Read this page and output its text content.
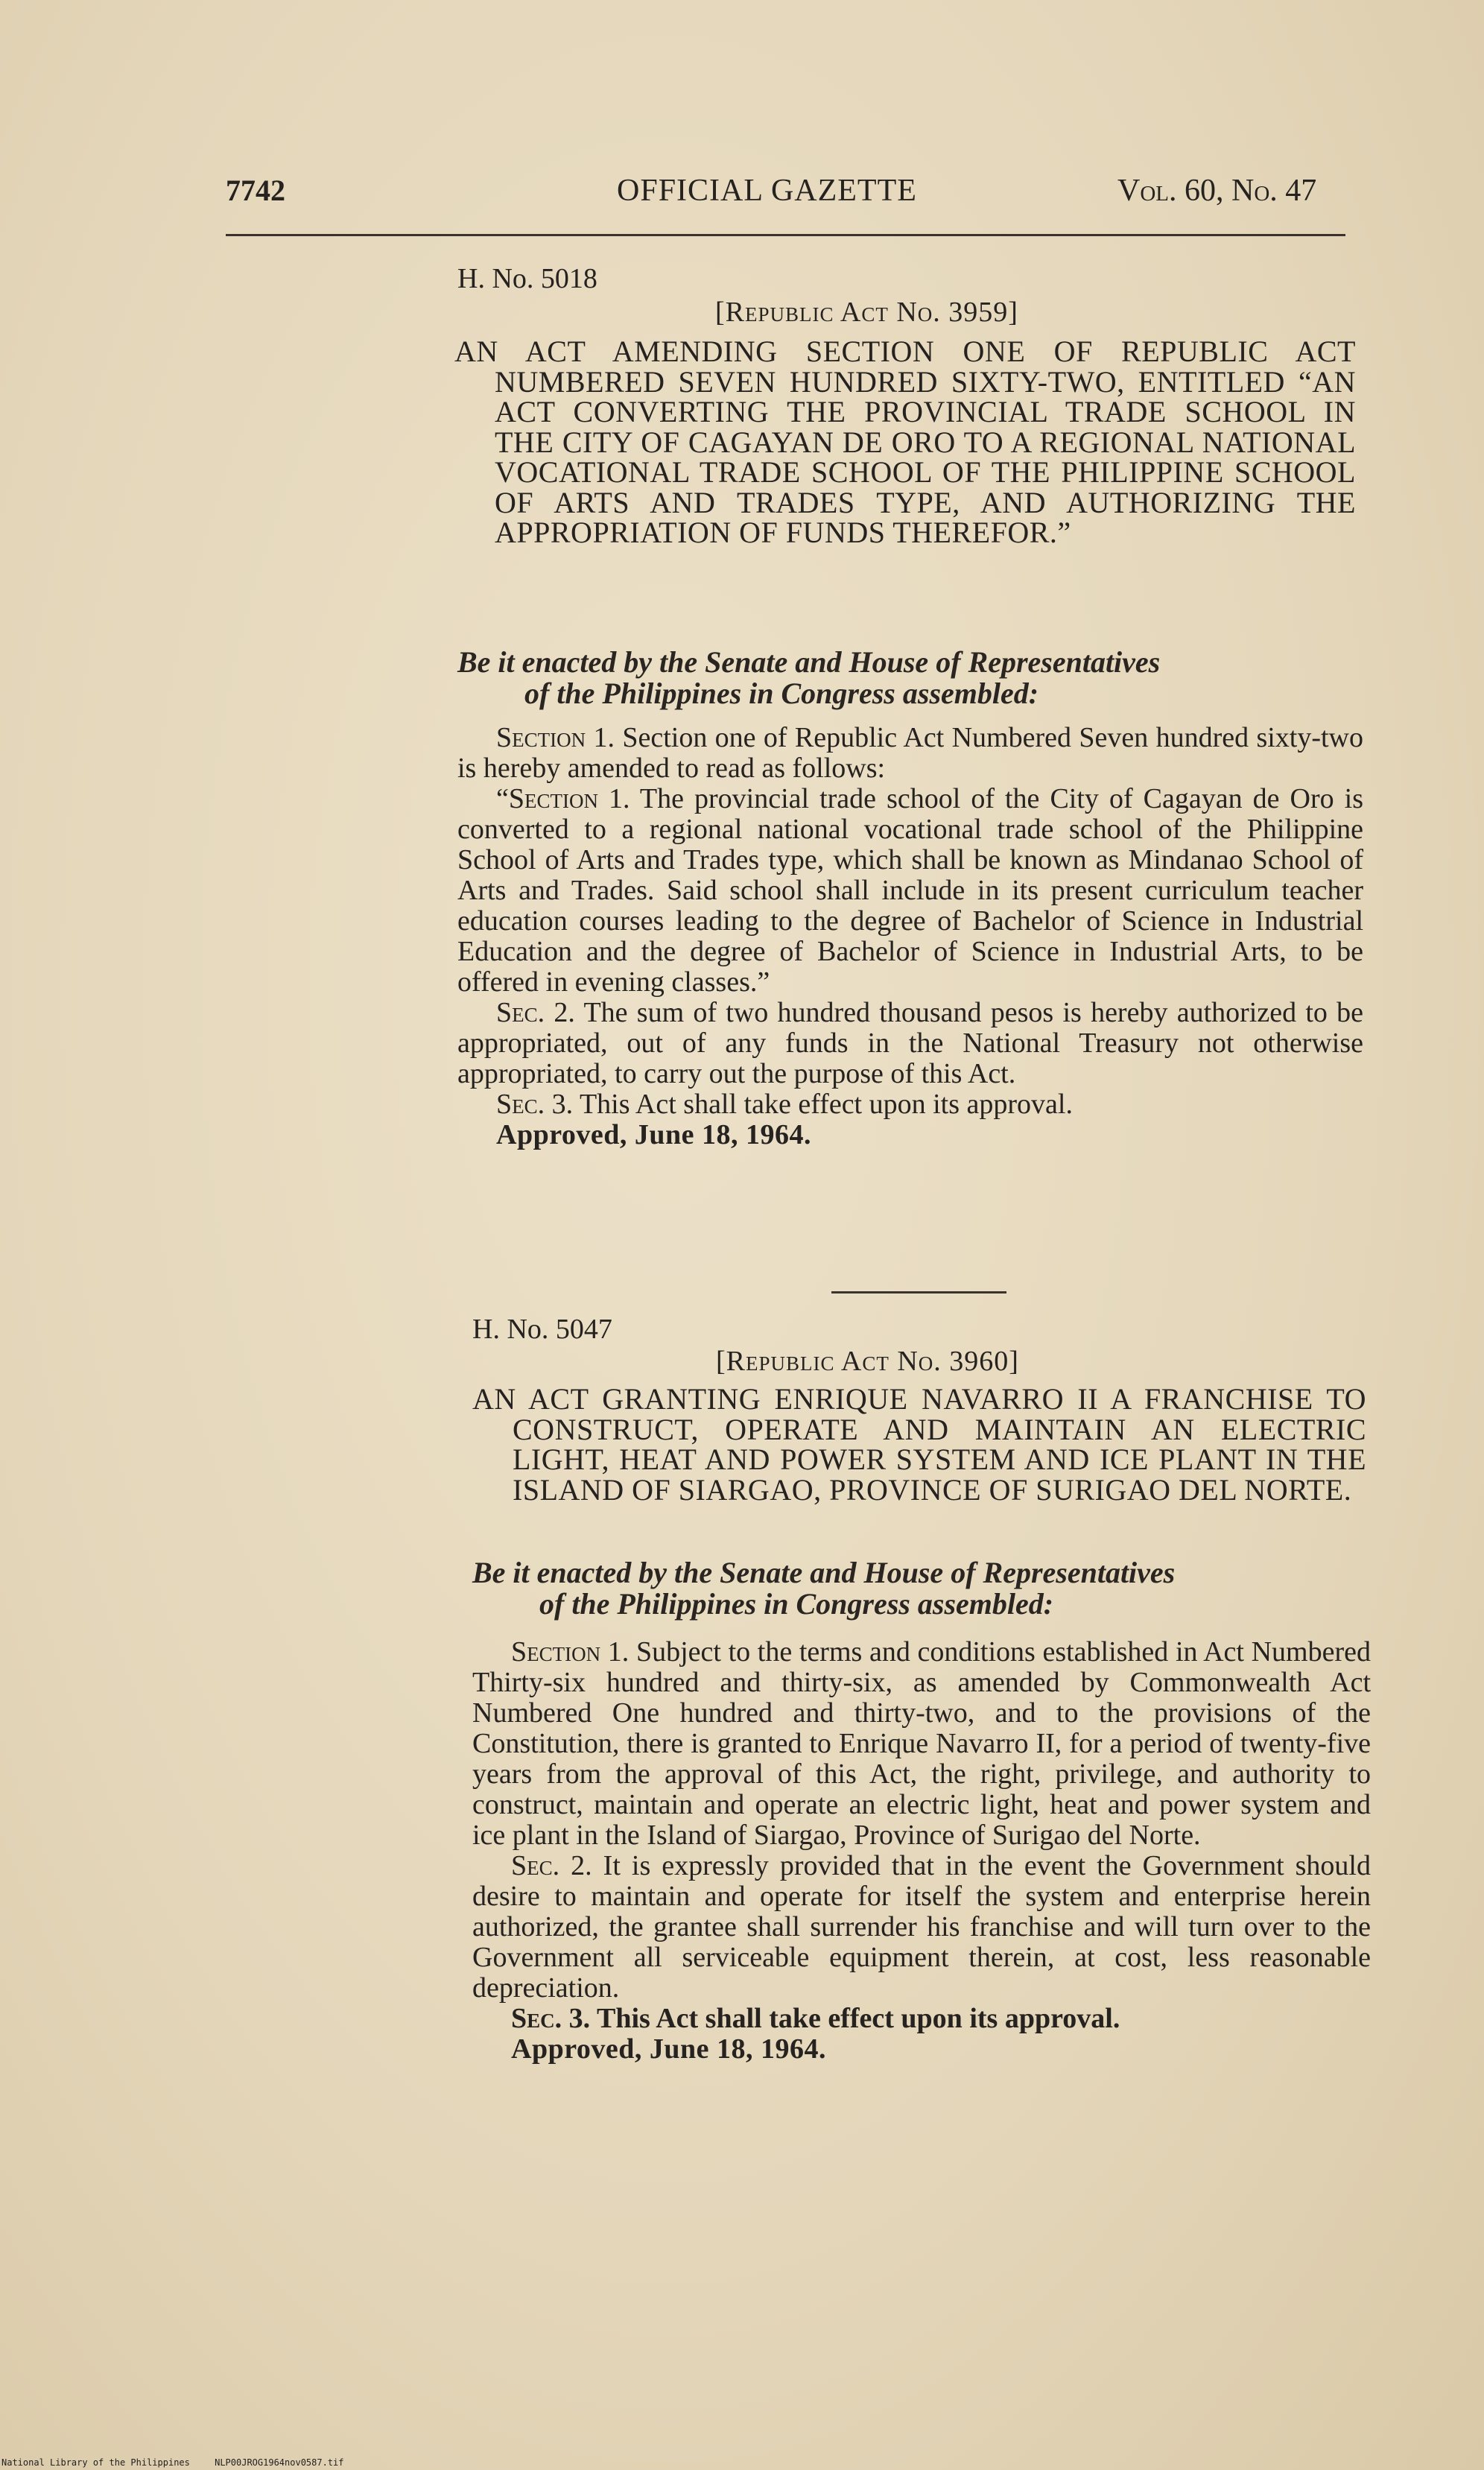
7742	OFFICIAL GAZETTE	Vol. 60, No. 47
H. No. 5018
[Republic Act No. 3959]
AN ACT AMENDING SECTION ONE OF REPUBLIC ACT NUMBERED SEVEN HUNDRED SIXTY-TWO, ENTITLED “AN ACT CONVERTING THE PROVINCIAL TRADE SCHOOL IN THE CITY OF CAGAYAN DE ORO TO A REGIONAL NATIONAL VOCATIONAL TRADE SCHOOL OF THE PHILIPPINE SCHOOL OF ARTS AND TRADES TYPE, AND AUTHORIZING THE APPROPRIATION OF FUNDS THEREFOR.”
Be it enacted by the Senate and House of Representatives
of the Philippines in Congress assembled:

Section 1. Section one of Republic Act Numbered Seven hundred sixty-two is hereby amended to read as follows:

“Section 1. The provincial trade school of the City of Cagayan de Oro is converted to a regional national vocational trade school of the Philippine School of Arts and Trades type, which shall be known as Mindanao School of Arts and Trades. Said school shall include in its present curriculum teacher education courses leading to the degree of Bachelor of Science in Industrial Education and the degree of Bachelor of Science in Industrial Arts, to be offered in evening classes.”

Sec. 2. The sum of two hundred thousand pesos is hereby authorized to be appropriated, out of any funds in the National Treasury not otherwise appropriated, to carry out the purpose of this Act.

Sec. 3. This Act shall take effect upon its approval.

Approved, June 18, 1964.

H. No. 5047
[Republic Act No. 3960]
AN ACT GRANTING ENRIQUE NAVARRO II A FRANCHISE TO CONSTRUCT, OPERATE AND MAINTAIN AN ELECTRIC LIGHT, HEAT AND POWER SYSTEM AND ICE PLANT IN THE ISLAND OF SIARGAO, PROVINCE OF SURIGAO DEL NORTE.
Be it enacted by the Senate and House of Representatives
of the Philippines in Congress assembled:

Section 1. Subject to the terms and conditions established in Act Numbered Thirty-six hundred and thirty-six, as amended by Commonwealth Act Numbered One hundred and thirty-two, and to the provisions of the Constitution, there is granted to Enrique Navarro II, for a period of twenty-five years from the approval of this Act, the right, privilege, and authority to construct, maintain and operate an electric light, heat and power system and ice plant in the Island of Siargao, Province of Surigao del Norte.

Sec. 2. It is expressly provided that in the event the Government should desire to maintain and operate for itself the system and enterprise herein authorized, the grantee shall surrender his franchise and will turn over to the Government all serviceable equipment therein, at cost, less reasonable depreciation.

Sec. 3. This Act shall take effect upon its approval.

Approved, June 18, 1964.

National Library of the Philippines	NLP00JROG1964nov0587.tif
